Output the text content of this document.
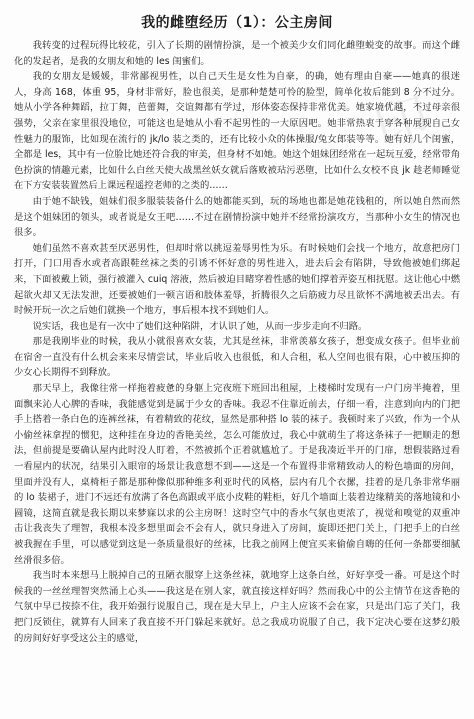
印
我的雌堕经历（1）：公主房间

我转变的过程玩得比较花，引入了长期的剧情扮演，是一个被美少女们同化雌堕蜕变的故事。而这个雌化的发起者，是我的女朋友和她的 les 闺蜜们。

我的女朋友是媛媛，非常鄙视男性，以自己天生是女性为自豪，的确，她有理由自豪——她真的很迷人，身高 168，体重 95，身材非常好，脸也很美，是那种楚楚可怜的脸型，简单化妆后能到 8 分不过分。她从小学各种舞蹈，拉丁舞，芭蕾舞，交谊舞都有学过，形体姿态保持非常优美。她家境优越，不过母亲很强势，父亲在家里很没地位，可能这也是她从小看不起男性的一大原因吧。她非常热衷于穿各种展现自己女性魅力的服饰，比如现在流行的 jk/lo 装之类的，还有比较小众的体操服/兔女郎装等等。她有好几个闺蜜，全都是 les，其中有一位脸比她还符合我的审美，但身材不如她。她这个姐妹团经常在一起玩互爱，经常带角色扮演的情趣元素，比如什么白丝天使大战黑丝妖女就后落败被玷污恶堕，比如什么女校不良 jk 趁老师睡觉在下方安装装置然后上课远程遥控老师的之类的……

由于她不缺钱，姐妹们很多服装装备什么的她都能买到，玩的场地也都是她花钱租的，所以她自然而然是这个姐妹团的领头，或者说是女王吧……不过在剧情扮演中她并不经常扮演攻方，当那种小女生的情况也很多。

她们虽然不喜欢甚至厌恶男性，但却时常以挑逗羞辱男性为乐。有时候她们会找一个地方，故意把房门打开，门口用香水或者高跟鞋丝袜之类的引诱不怀好意的男性进入，进去后会有陷阱，导致他被她们绑起来，下面被戴上锁，强行被灌入 cuiq 溶液，然后被迫目睹穿着性感的她们撑着弄姿互相抚慰。这让他心中燃起欲火却又无法发泄，还要被她们一顿言语和肢体羞辱，折腾很久之后筋疲力尽且欲怀不满地被丢出去。有时候开玩一次之后她们就换一个地方，事后根本找不到她们人。

说实话，我也是有一次中了她们这种陷阱，才认识了她，从而一步步走向不归路。

那是我刚毕业的时候，我从小就很喜欢女装，尤其是丝袜，非常羡慕女孩子，想变成女孩子。但毕业前在宿舍一直没有什么机会来来尽情尝试，毕业后收入也很低，和人合租，私人空间也很有限，心中被压抑的少女心长期得不到释放。

那天早上，我像往常一样拖着疲惫的身躯上完夜班下班回出租屋，上楼梯时发现有一户门房半掩着，里面飘来沁人心脾的香味，我能感觉到是属于少女的香味。我忍不住靠近前去，仔细一看，注意到向内的门把手上搭着一条白色的连裤丝袜，有着精致的花纹，显然是那种搭 lo 装的袜子。我顿时来了兴致，作为一个从小偷丝袜拿捏的惯犯，这种挂在身边的香艳美丝，怎么可能放过，我心中就萌生了将这条袜子一把顺走的想法，但前提是要确认屋内此时没人盯着，不然被抓个正着就尴尬了。于是我凑近半开的门扉，想假装路过看一看屋内的状况，结果引入眼帘的场景让我意想不到——这是一个布置得非常精致动人的粉色墙面的房间，里面并没有人，桌椅柜子都是那种像似那种维多利亚时代的风格，层内有几个衣摞，挂着的是几条非常华丽的 lo 装裙子，进门不远还有放满了各色高跟或平底小皮鞋的鞋柜，好几个墙面上装着边缘精美的落地镜和小圆镜，这简直就是我长期以来梦寐以求的公主房呀！这时空气中的香水气氛也更浓了，视觉和嗅觉的双重冲击让我丧失了理智，我根本没多想里面会不会有人，就只身进入了房间，旋即还把门关上，门把手上的白丝被我握在手里，可以感觉到这是一条质量很好的丝袜，比我之前网上便宜买来偷偷自嗨的任何一条都要细腻丝滑很多倍。

我当时本来想马上脱掉自己的丑陋衣服穿上这条丝袜，就地穿上这条白丝，好好享受一番。可是这个时候我的一丝丝理智突然涌上心头——我这是在别人家，就直接这样好吗？然而我心中的公主情节在这香艳的气氛中早已按捺不住，我开始强行说服自己，现在是大早上，户主人应该不会在家，只是出门忘了关门，我把门反锁住，就算有人回来了我直接不开门躲起来就好。总之我成功说服了自己，我下定决心要在这梦幻般的房间好好享受这公主的感觉，
